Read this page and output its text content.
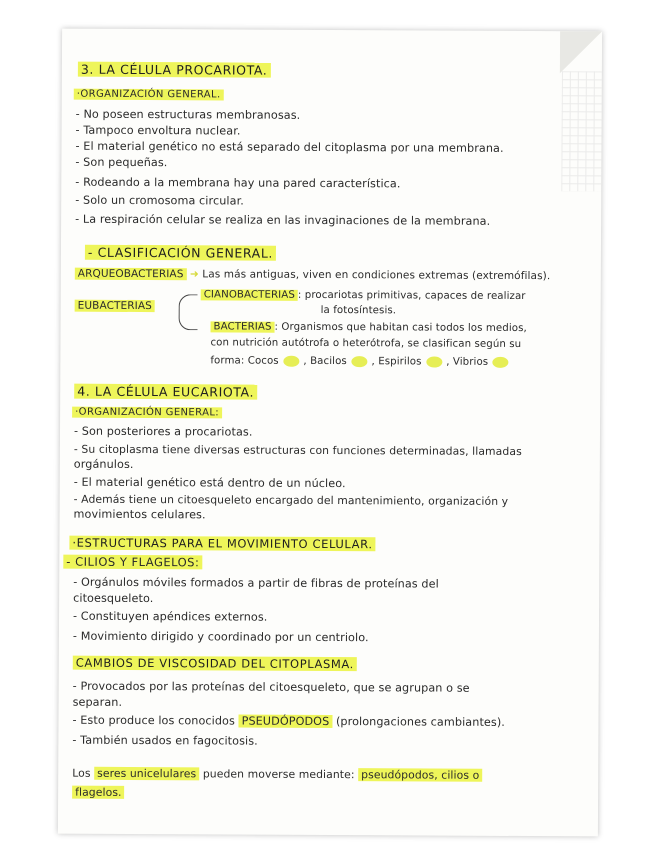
3. LA CÉLULA PROCARIOTA.
·ORGANIZACIÓN GENERAL.
- No poseen estructuras membranosas.
- Tampoco envoltura nuclear.
- El material genético no está separado del citoplasma por una membrana.
- Son pequeñas.
- Rodeando a la membrana hay una pared característica.
- Solo un cromosoma circular.
- La respiración celular se realiza en las invaginaciones de la membrana.
- CLASIFICACIÓN GENERAL.
ARQUEOBACTERIAS ➜ Las más antiguas, viven en condiciones extremas (extremófilas).
EUBACTERIAS
CIANOBACTERIAS : procariotas primitivas, capaces de realizar
la fotosíntesis.
BACTERIAS : Organismos que habitan casi todos los medios,
con nutrición autótrofa o heterótrofa, se clasifican según su
forma: Cocos , Bacilos , Espirilos , Vibrios
4. LA CÉLULA EUCARIOTA.
·ORGANIZACIÓN GENERAL:
- Son posteriores a procariotas.
- Su citoplasma tiene diversas estructuras con funciones determinadas, llamadas
orgánulos.
- El material genético está dentro de un núcleo.
- Además tiene un citoesqueleto encargado del mantenimiento, organización y
movimientos celulares.
·ESTRUCTURAS PARA EL MOVIMIENTO CELULAR.
- CILIOS Y FLAGELOS:
- Orgánulos móviles formados a partir de fibras de proteínas del
citoesqueleto.
- Constituyen apéndices externos.
- Movimiento dirigido y coordinado por un centriolo.
CAMBIOS DE VISCOSIDAD DEL CITOPLASMA.
- Provocados por las proteínas del citoesqueleto, que se agrupan o se
separan.
- Esto produce los conocidos PSEUDÓPODOS (prolongaciones cambiantes).
- También usados en fagocitosis.
Los seres unicelulares pueden moverse mediante: pseudópodos, cilios o
flagelos.
